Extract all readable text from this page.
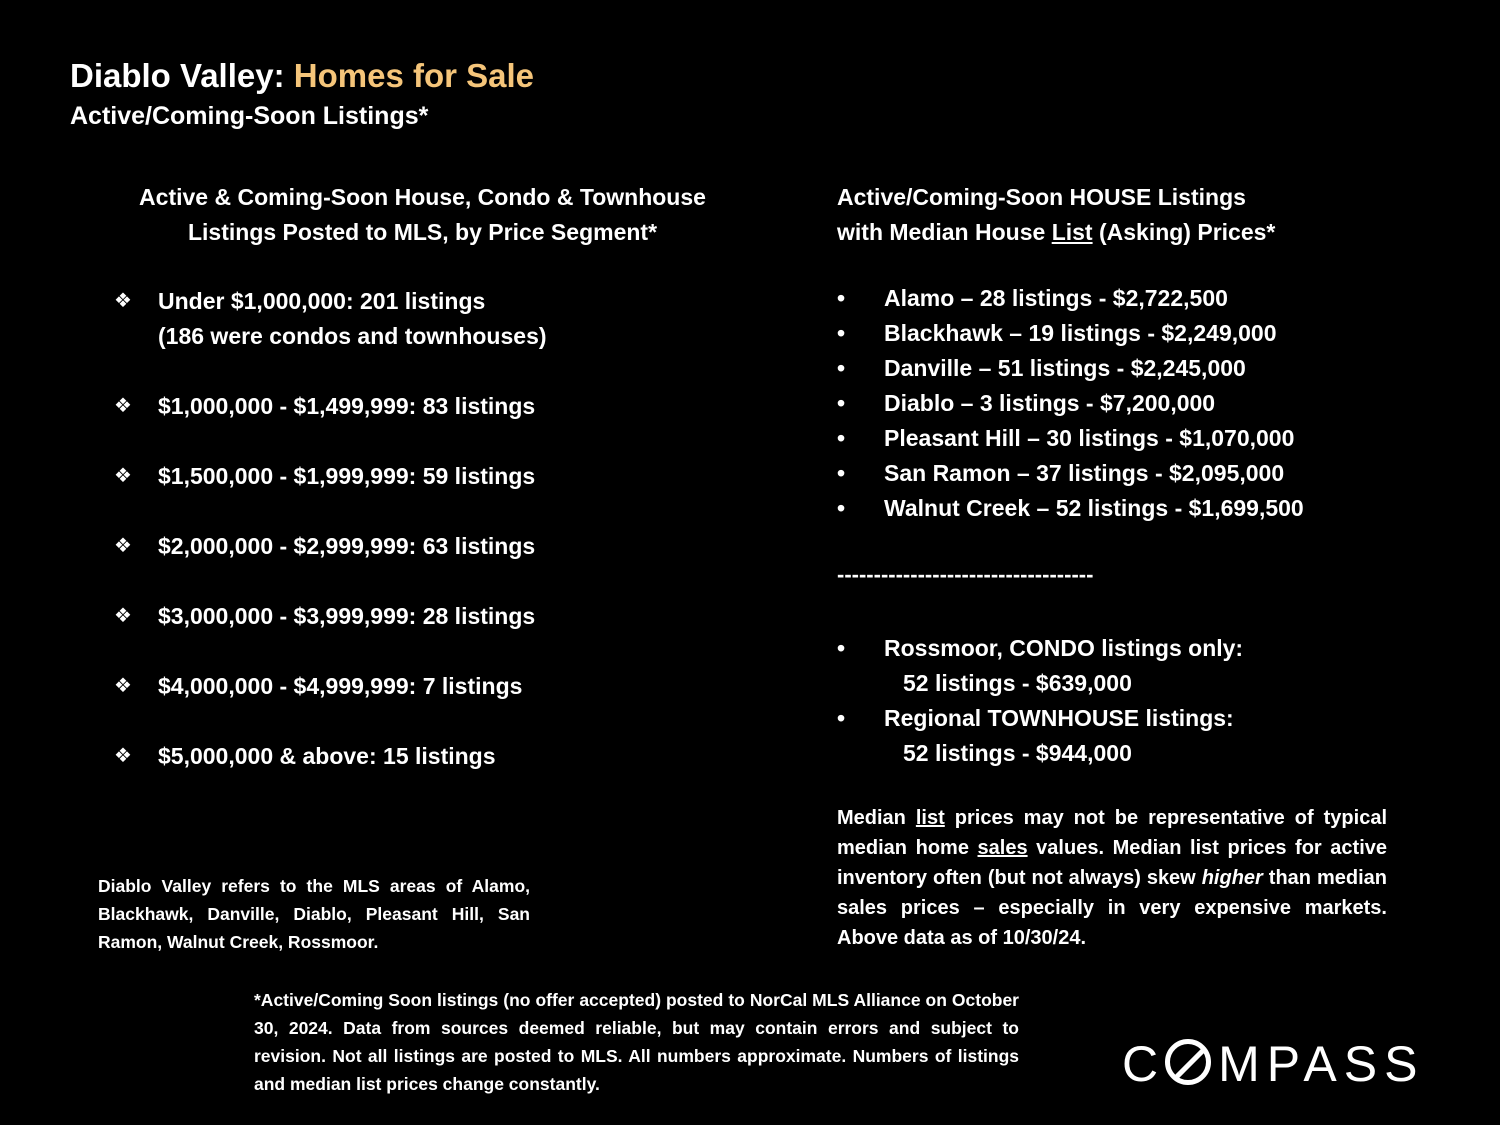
Diablo Valley: Homes for Sale
Active/Coming-Soon Listings*
Active & Coming-Soon House, Condo & Townhouse
Listings Posted to MLS, by Price Segment*
❖ Under $1,000,000: 201 listings
(186 were condos and townhouses)
❖ $1,000,000 - $1,499,999: 83 listings
❖ $1,500,000 - $1,999,999: 59 listings
❖ $2,000,000 - $2,999,999: 63 listings
❖ $3,000,000 - $3,999,999: 28 listings
❖ $4,000,000 - $4,999,999: 7 listings
❖ $5,000,000 & above: 15 listings
Diablo Valley refers to the MLS areas of Alamo, Blackhawk, Danville, Diablo, Pleasant Hill, San Ramon, Walnut Creek, Rossmoor.
Active/Coming-Soon HOUSE Listings
with Median House List (Asking) Prices*
• Alamo – 28 listings - $2,722,500
• Blackhawk – 19 listings - $2,249,000
• Danville – 51 listings - $2,245,000
• Diablo – 3 listings - $7,200,000
• Pleasant Hill – 30 listings - $1,070,000
• San Ramon – 37 listings - $2,095,000
• Walnut Creek – 52 listings - $1,699,500
-----------------------------------
• Rossmoor, CONDO listings only:
52 listings - $639,000
• Regional TOWNHOUSE listings:
52 listings - $944,000
Median list prices may not be representative of typical median home sales values. Median list prices for active inventory often (but not always) skew higher than median sales prices – especially in very expensive markets. Above data as of 10/30/24.
*Active/Coming Soon listings (no offer accepted) posted to NorCal MLS Alliance on October 30, 2024. Data from sources deemed reliable, but may contain errors and subject to revision. Not all listings are posted to MLS. All numbers approximate. Numbers of listings and median list prices change constantly.	C MPASS
